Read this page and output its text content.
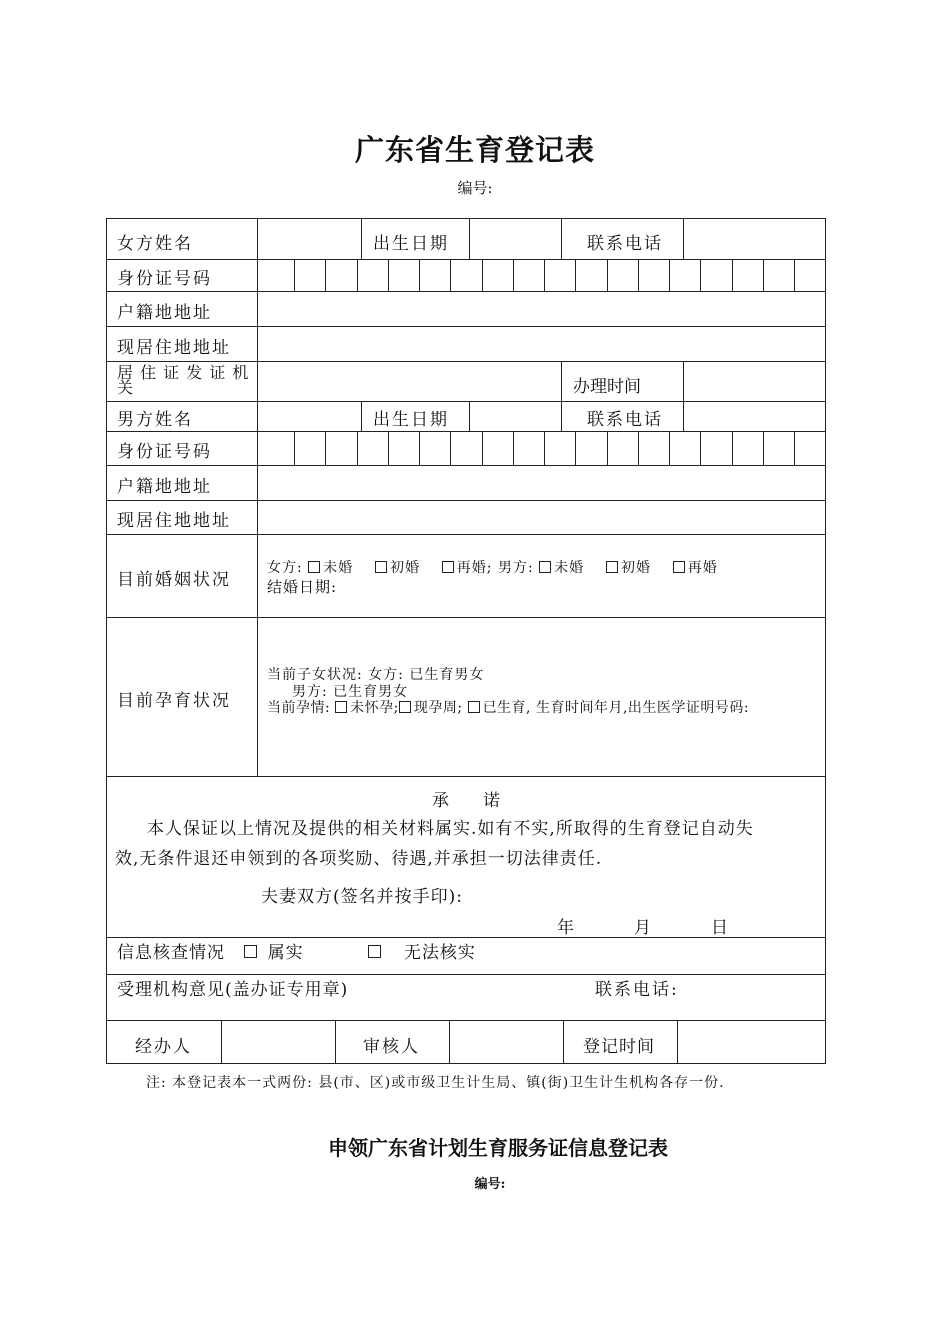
广东省生育登记表
编号:
女方姓名	出生日期	联系电话
身份证号码
户籍地地址
现居住地地址
居 住 证 发 证 机 关	办理时间
男方姓名	出生日期	联系电话
身份证号码
户籍地地址
现居住地地址
目前婚姻状况
女方: 未婚	初婚	再婚; 男方: 未婚	初婚	再婚
结婚日期:
目前孕育状况
当前子女状况: 女方: 已生育男女
男方: 已生育男女
当前孕情: 未怀孕; 现孕周; 已生育, 生育时间年月,出生医学证明号码:
承　　诺
本人保证以上情况及提供的相关材料属实.如有不实,所取得的生育登记自动失
效,无条件退还申领到的各项奖励、待遇,并承担一切法律责任.
夫妻双方(签名并按手印):
年	月	日
信息核查情况	属实	无法核实
受理机构意见(盖办证专用章)	联系电话:
经办人	审核人	登记时间
注: 本登记表本一式两份: 县(市、区)或市级卫生计生局、镇(街)卫生计生机构各存一份.
申领广东省计划生育服务证信息登记表
编号:
